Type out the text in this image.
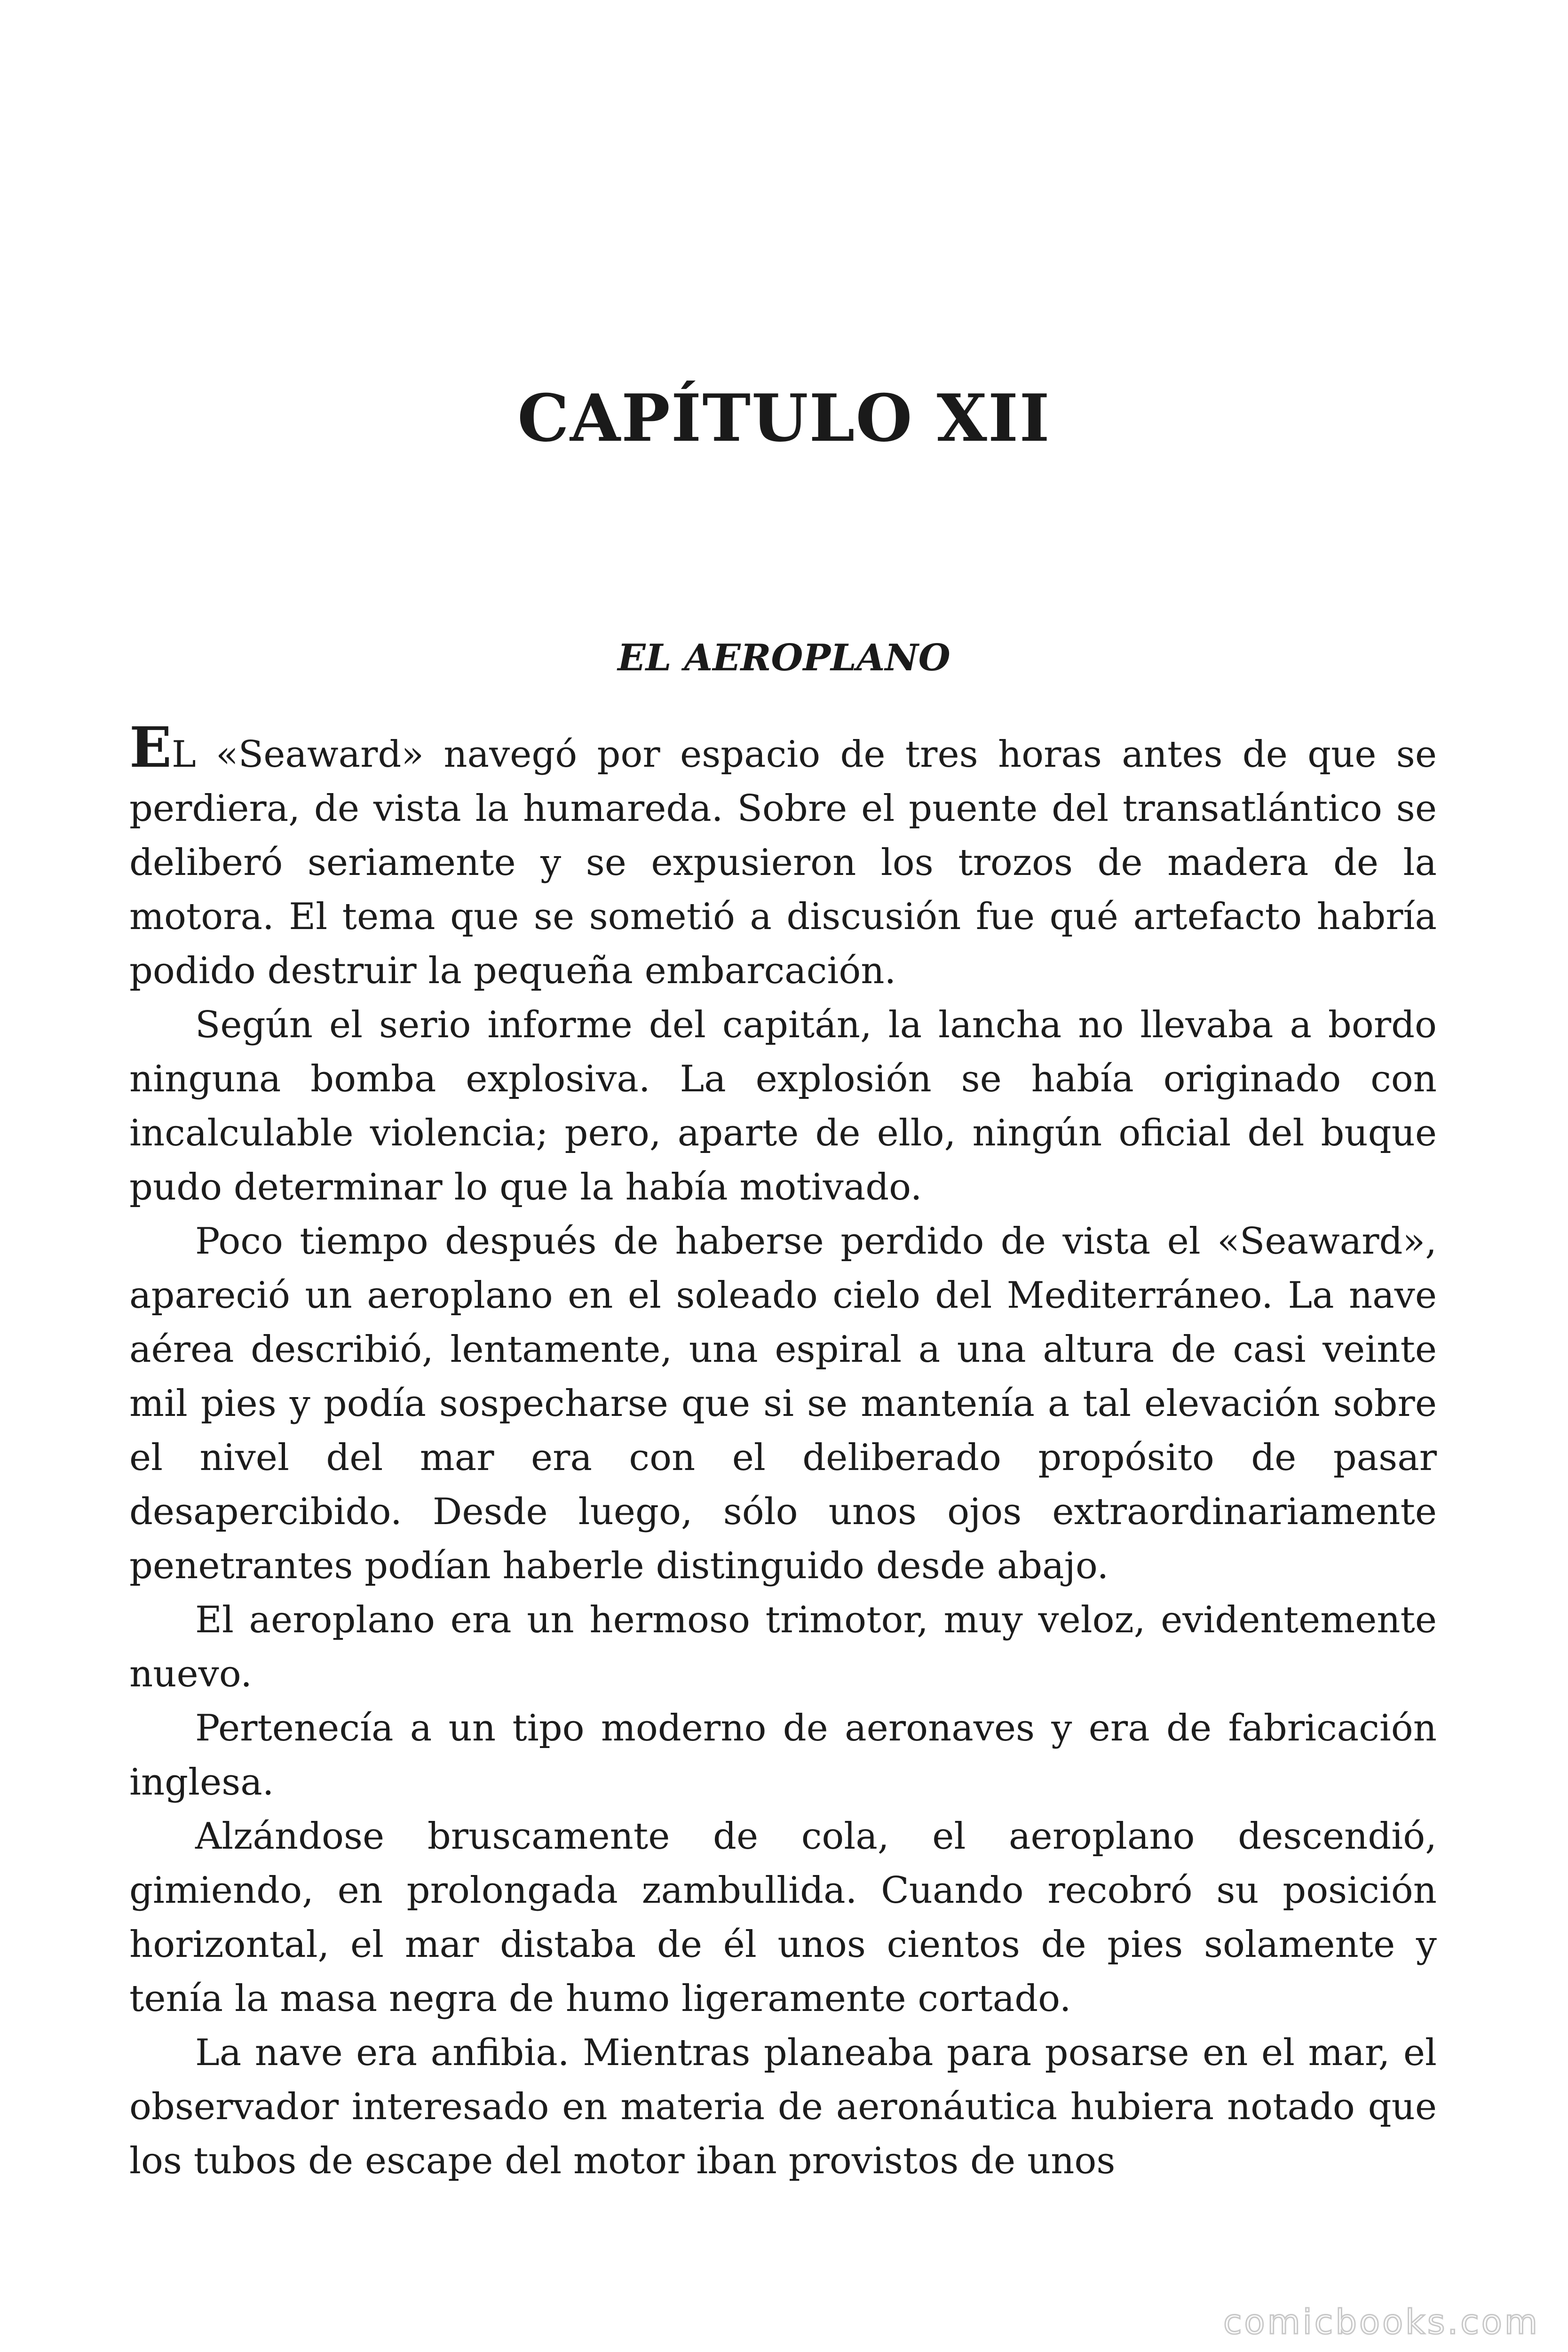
CAPÍTULO XII
EL AEROPLANO

EL «Seaward» navegó por espacio de tres horas antes de que se perdiera, de vista la humareda. Sobre el puente del transatlántico se deliberó seriamente y se expusieron los trozos de madera de la motora. El tema que se sometió a discusión fue qué artefacto habría podido destruir la pequeña embarcación.

Según el serio informe del capitán, la lancha no llevaba a bordo ninguna bomba explosiva. La explosión se había originado con incalculable violencia; pero, aparte de ello, ningún oficial del buque pudo determinar lo que la había motivado.

Poco tiempo después de haberse perdido de vista el «Seaward», apareció un aeroplano en el soleado cielo del Mediterráneo. La nave aérea describió, lentamente, una espiral a una altura de casi veinte mil pies y podía sospecharse que si se mantenía a tal elevación sobre el nivel del mar era con el deliberado propósito de pasar desapercibido. Desde luego, sólo unos ojos extraordinariamente penetrantes podían haberle distinguido desde abajo.

El aeroplano era un hermoso trimotor, muy veloz, evidentemente nuevo.

Pertenecía a un tipo moderno de aeronaves y era de fabricación inglesa.

Alzándose bruscamente de cola, el aeroplano descendió, gimiendo, en prolongada zambullida. Cuando recobró su posición horizontal, el mar distaba de él unos cientos de pies solamente y tenía la masa negra de humo ligeramente cortado.

La nave era anfibia. Mientras planeaba para posarse en el mar, el observador interesado en materia de aeronáutica hubiera notado que los tubos de escape del motor iban provistos de unos

comicbooks.com
